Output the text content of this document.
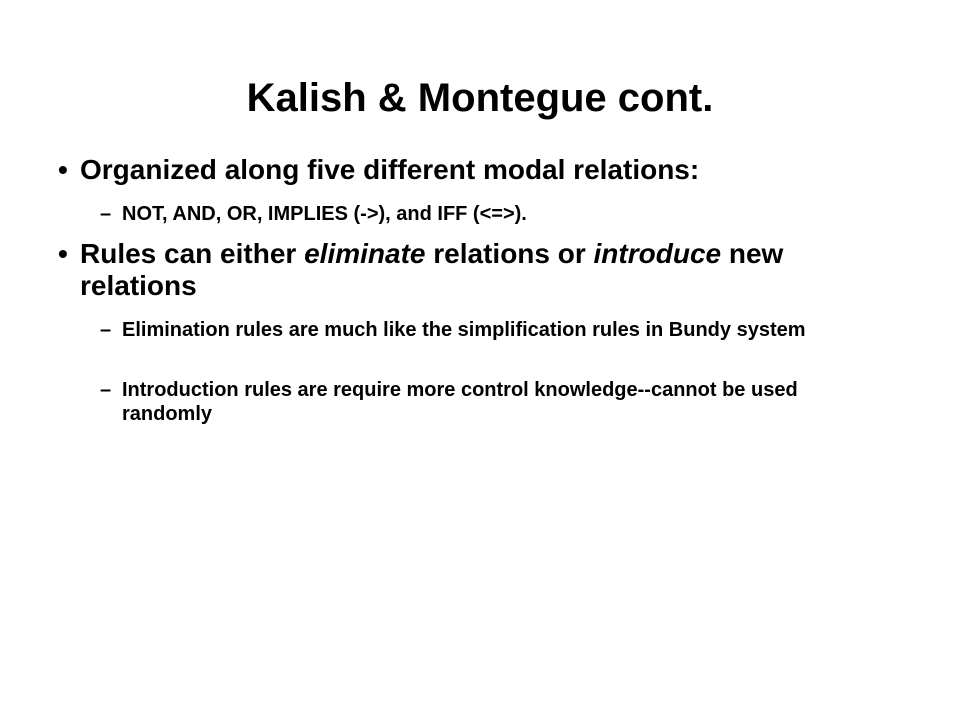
Kalish & Montegue cont.
• Organized along five different modal relations:
– NOT, AND, OR, IMPLIES (->), and IFF (<=>).
• Rules can either eliminate relations or introduce new relations
– Elimination rules are much like the simplification rules in Bundy system
– Introduction rules are require more control knowledge--cannot be used randomly
